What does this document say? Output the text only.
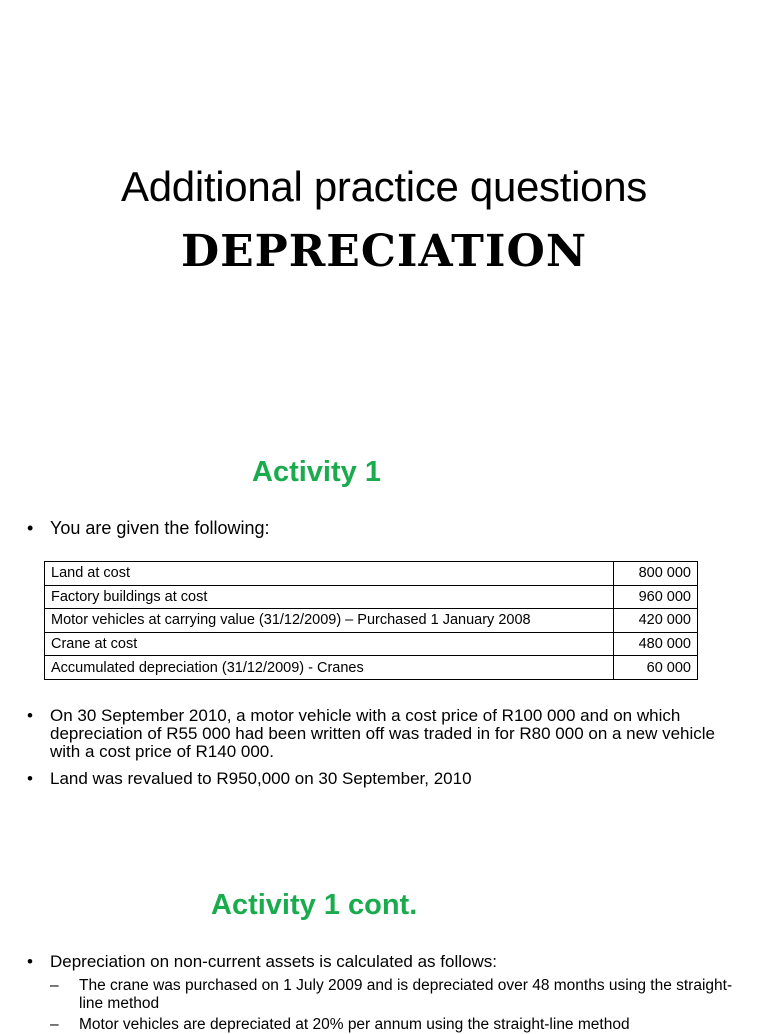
Additional practice questions
DEPRECIATION
Activity 1
• You are given the following:
Land at cost	800 000
Factory buildings at cost	960 000
Motor vehicles at carrying value (31/12/2009) – Purchased 1 January 2008	420 000
Crane at cost	480 000
Accumulated depreciation (31/12/2009) - Cranes	60 000
• On 30 September 2010, a motor vehicle with a cost price of R100 000 and on which depreciation of R55 000 had been written off was traded in for R80 000 on a new vehicle with a cost price of R140 000.
• Land was revalued to R950,000 on 30 September, 2010
Activity 1 cont.
• Depreciation on non-current assets is calculated as follows:
– The crane was purchased on 1 July 2009 and is depreciated over 48 months using the straight-line method
– Motor vehicles are depreciated at 20% per annum using the straight-line method
